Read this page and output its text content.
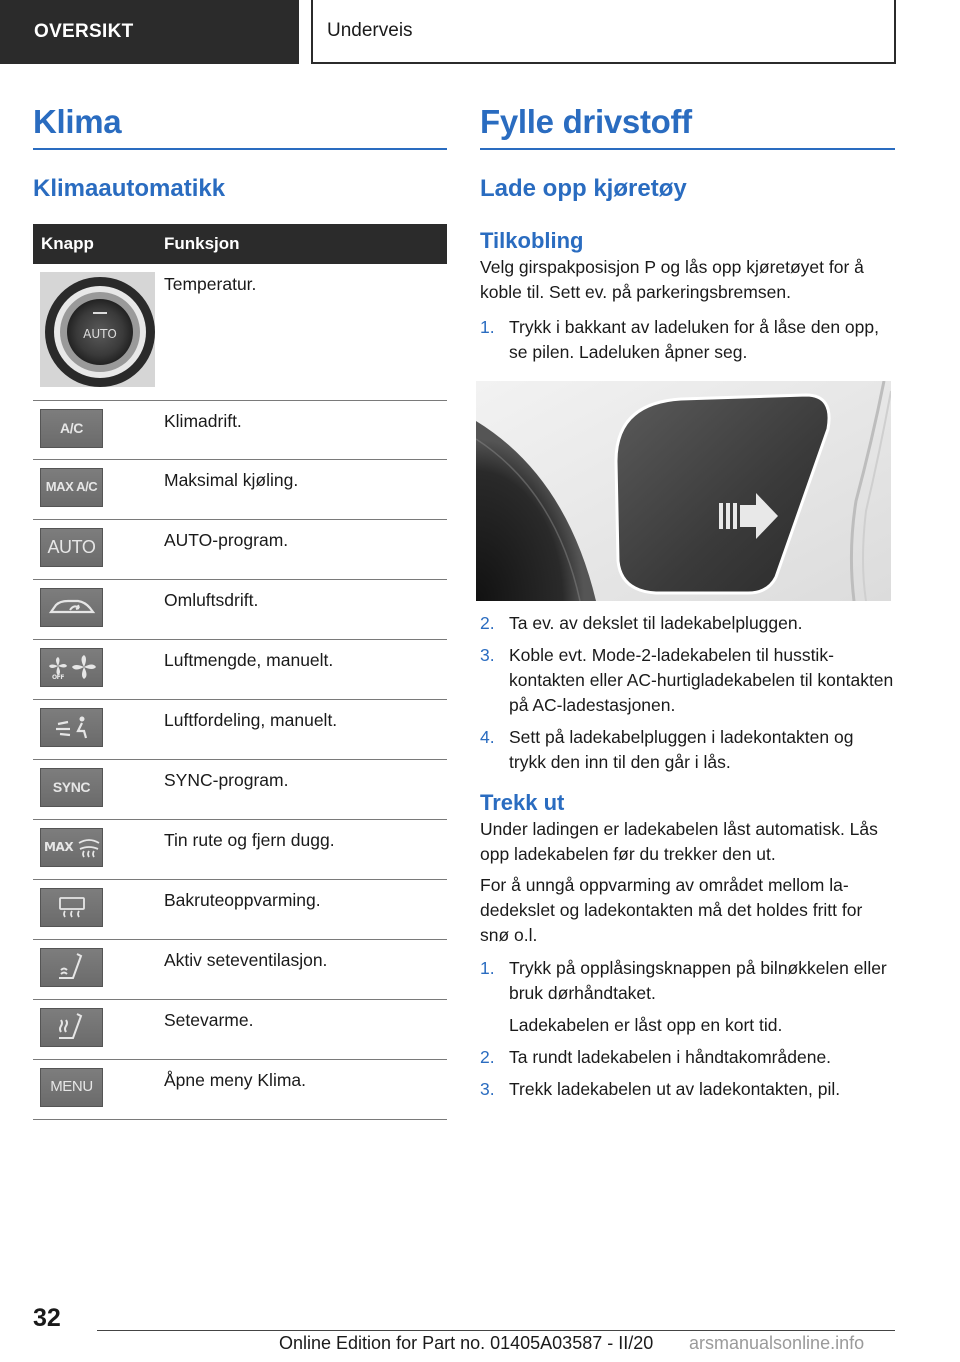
OVERSIKT	Underveis
Klima
Klimaautomatikk
Knapp	Funksjon

AUTO	Temperatur.

A/C	Klimadrift.

MAX A/C	Maksimal kjøling.

AUTO	AUTO-program.

	Omluftsdrift.

OFF	Luftmengde, manuelt.

	Luftfordeling, manuelt.

SYNC	SYNC-program.

MAX	Tin rute og fjern dugg.

	Bakruteoppvarming.

	Aktiv seteventilasjon.

	Setevarme.

MENU	Åpne meny Klima.
Fylle drivstoff
Lade opp kjøretøy
Tilkobling

Velg girspakposisjon P og lås opp kjøretøyet for å koble til. Sett ev. på parkeringsbremsen.

1. Trykk i bakkant av ladeluken for å låse den opp, se pilen. Ladeluken åpner seg.
2. Ta ev. av dekslet til ladekabelpluggen.
3. Koble evt. Mode-2-ladekabelen til husstikkontakten eller AC-hurtigladekabelen til kontakten på AC-ladestasjonen.
4. Sett på ladekabelpluggen i ladekontakten og trykk den inn til den går i lås.
Trekk ut

Under ladingen er ladekabelen låst automatisk. Lås opp ladekabelen før du trekker den ut.

For å unngå oppvarming av området mellom ladedekslet og ladekontakten må det holdes fritt for snø o.l.

1. Trykk på opplåsingsknappen på bilnøkkelen eller bruk dørhåndtaket.
Ladekabelen er låst opp en kort tid.
2. Ta rundt ladekabelen i håndtakområdene.
3. Trekk ladekabelen ut av ladekontakten, pil.
32
Online Edition for Part no. 01405A03587 - II/20 arsmanualsonline.info
